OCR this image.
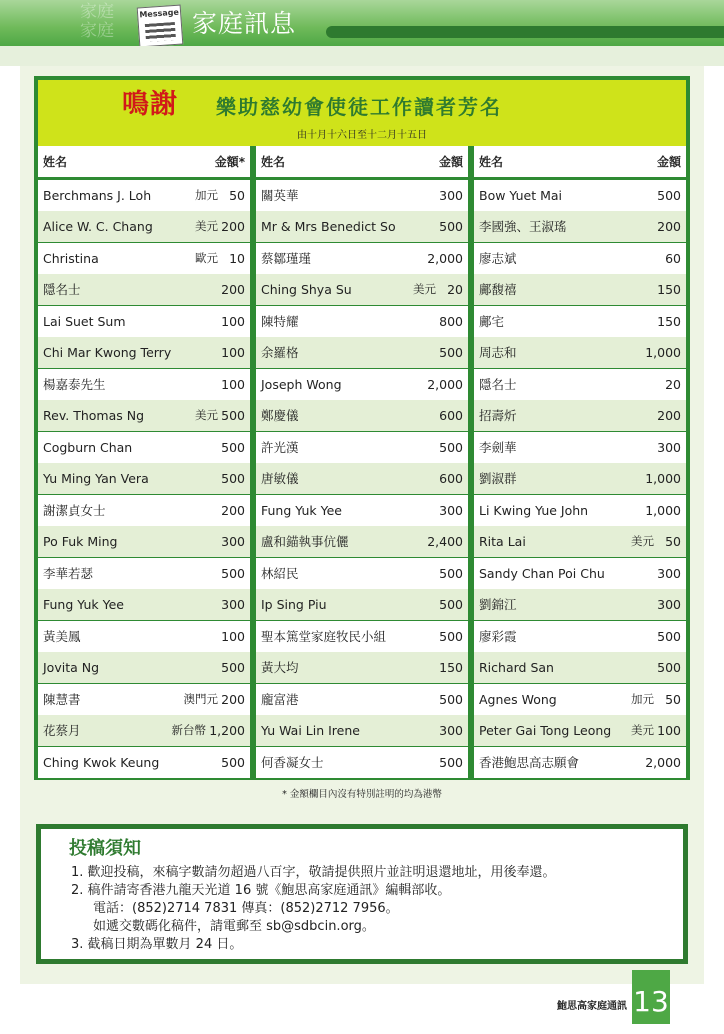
家庭
家庭
Message 家庭訊息
鳴謝 樂助慈幼會使徒工作讀者芳名
由十月十六日至十二月十五日
姓名	金額*
Berchmans J. Loh	加元 50
Alice W. C. Chang	美元 200
Christina	歐元 10
隱名士	200
Lai Suet Sum	100
Chi Mar Kwong Terry	100
楊嘉泰先生	100
Rev. Thomas Ng	美元 500
Cogburn Chan	500
Yu Ming Yan Vera	500
謝潔貞女士	200
Po Fuk Ming	300
李華若瑟	500
Fung Yuk Yee	300
黃美鳳	100
Jovita Ng	500
陳慧書	澳門元 200
花蔡月	新台幣 1,200
Ching Kwok Keung	500
姓名	金額
關英華	300
Mr & Mrs Benedict So	500
蔡鄒瑾瑾	2,000
Ching Shya Su	美元 20
陳特耀	800
余羅格	500
Joseph Wong	2,000
鄭慶儀	600
許光漢	500
唐敏儀	600
Fung Yuk Yee	300
盧和錨執事伉儷	2,400
林紹民	500
Ip Sing Piu	500
聖本篤堂家庭牧民小組	500
黃大均	150
龐富港	500
Yu Wai Lin Irene	300
何香凝女士	500
姓名	金額
Bow Yuet Mai	500
李國強、王淑瑤	200
廖志斌	60
鄺馥禧	150
鄺宅	150
周志和	1,000
隱名士	20
招壽炘	200
李劍華	300
劉淑群	1,000
Li Kwing Yue John	1,000
Rita Lai	美元 50
Sandy Chan Poi Chu	300
劉錦江	300
廖彩霞	500
Richard San	500
Agnes Wong	加元 50
Peter Gai Tong Leong 美元 100
香港鮑思高志願會	2,000
* 金額欄目內沒有特別註明的均為港幣
投稿須知
1. 歡迎投稿，來稿字數請勿超過八百字，敬請提供照片並註明退還地址，用後奉還。
2. 稿件請寄香港九龍天光道 16 號《鮑思高家庭通訊》編輯部收。
電話：(852)2714 7831 傳真：(852)2712 7956。
如遞交數碼化稿件，請電郵至 sb@sdbcin.org。
3. 截稿日期為單數月 24 日。
鮑思高家庭通訊 13
